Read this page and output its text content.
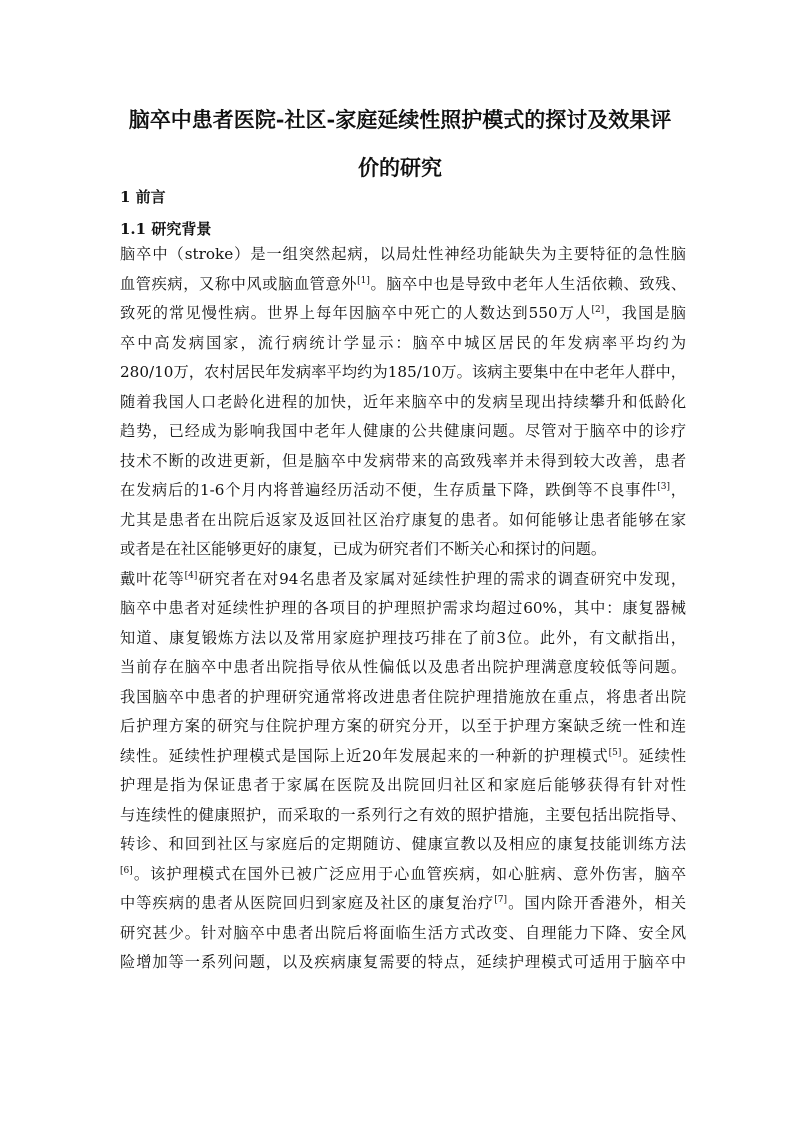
脑卒中患者医院-社区-家庭延续性照护模式的探讨及效果评
价的研究
1 前言
1.1 研究背景
脑卒中（stroke）是一组突然起病，以局灶性神经功能缺失为主要特征的急性脑
血管疾病，又称中风或脑血管意外[1]。脑卒中也是导致中老年人生活依赖、致残、
致死的常见慢性病。世界上每年因脑卒中死亡的人数达到550万人[2]，我国是脑
卒中高发病国家，流行病统计学显示：脑卒中城区居民的年发病率平均约为
280/10万，农村居民年发病率平均约为185/10万。该病主要集中在中老年人群中，
随着我国人口老龄化进程的加快，近年来脑卒中的发病呈现出持续攀升和低龄化
趋势，已经成为影响我国中老年人健康的公共健康问题。尽管对于脑卒中的诊疗
技术不断的改进更新，但是脑卒中发病带来的高致残率并未得到较大改善，患者
在发病后的1-6个月内将普遍经历活动不便，生存质量下降，跌倒等不良事件[3]，
尤其是患者在出院后返家及返回社区治疗康复的患者。如何能够让患者能够在家
或者是在社区能够更好的康复，已成为研究者们不断关心和探讨的问题。
戴叶花等[4]研究者在对94名患者及家属对延续性护理的需求的调查研究中发现，
脑卒中患者对延续性护理的各项目的护理照护需求均超过60%，其中：康复器械
知道、康复锻炼方法以及常用家庭护理技巧排在了前3位。此外，有文献指出，
当前存在脑卒中患者出院指导依从性偏低以及患者出院护理满意度较低等问题。
我国脑卒中患者的护理研究通常将改进患者住院护理措施放在重点，将患者出院
后护理方案的研究与住院护理方案的研究分开，以至于护理方案缺乏统一性和连
续性。延续性护理模式是国际上近20年发展起来的一种新的护理模式[5]。延续性
护理是指为保证患者于家属在医院及出院回归社区和家庭后能够获得有针对性
与连续性的健康照护，而采取的一系列行之有效的照护措施，主要包括出院指导、
转诊、和回到社区与家庭后的定期随访、健康宣教以及相应的康复技能训练方法
[6]。该护理模式在国外已被广泛应用于心血管疾病，如心脏病、意外伤害，脑卒
中等疾病的患者从医院回归到家庭及社区的康复治疗[7]。国内除开香港外，相关
研究甚少。针对脑卒中患者出院后将面临生活方式改变、自理能力下降、安全风
险增加等一系列问题，以及疾病康复需要的特点，延续护理模式可适用于脑卒中
